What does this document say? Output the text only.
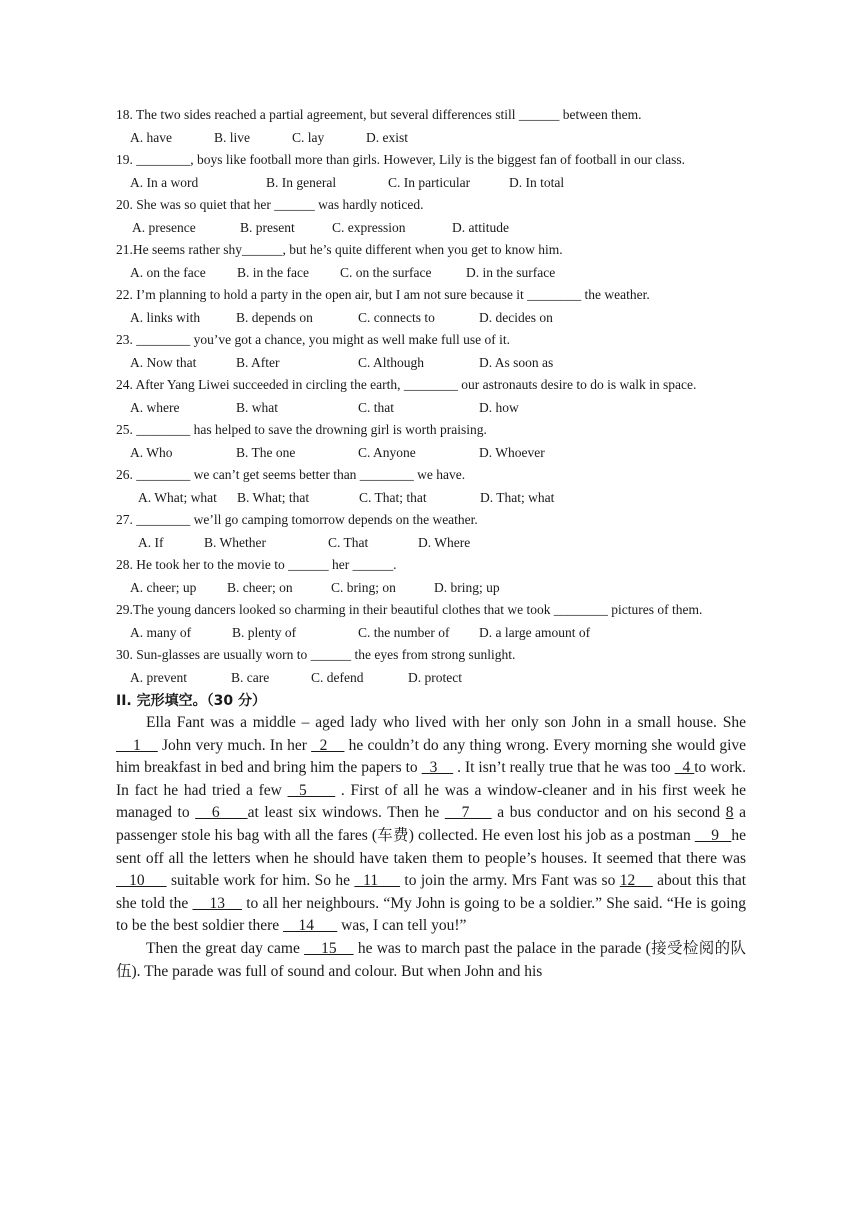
18. The two sides reached a partial agreement, but several differences still ______ between them.
A. have	B. live	C. lay	D. exist
19. ________, boys like football more than girls. However, Lily is the biggest fan of football in our class.
A. In a word	B. In general	C. In particular	D. In total
20. She was so quiet that her ______ was hardly noticed.
A. presence	B. present	C. expression	D. attitude
21.He seems rather shy______, but he’s quite different when you get to know him.
A. on the face	B. in the face	C. on the surface	D. in the surface
22. I’m planning to hold a party in the open air, but I am not sure because it ________ the weather.
A. links with	B. depends on	C. connects to	D. decides on
23. ________ you’ve got a chance, you might as well make full use of it.
A. Now that	B. After	C. Although	D. As soon as
24. After Yang Liwei succeeded in circling the earth, ________ our astronauts desire to do is walk in space.
A. where	B. what	C. that	D. how
25. ________ has helped to save the drowning girl is worth praising.
A. Who	B. The one	C. Anyone	D. Whoever
26. ________ we can’t get seems better than ________ we have.
A. What; what	B. What; that	C. That; that	D. That; what
27. ________ we’ll go camping tomorrow depends on the weather.
A. If	B. Whether	C. That	D. Where
28. He took her to the movie to ______ her ______.
A. cheer; up	B. cheer; on	C. bring; on	D. bring; up
29.The young dancers looked so charming in their beautiful clothes that we took ________ pictures of them.
A. many of	B. plenty of	C. the number of	D. a large amount of
30. Sun-glasses are usually worn to ______ the eyes from strong sunlight.
A. prevent	B. care	C. defend	D. protect
II. 完形填空。（30 分）

Ella Fant was a middle – aged lady who lived with her only son John in a small house. She     1     John very much. In her   2     he couldn’t do any thing wrong. Every morning she would give him breakfast in bed and bring him the papers to   3     . It isn’t really true that he was too   4 to work. In fact he had tried a few   5      . First of all he was a window-cleaner and in his first week he managed to    6     at least six windows. Then he    7     a bus conductor and on his second 8 a passenger stole his bag with all the fares (车费) collected. He even lost his job as a postman     9   he sent off all the letters when he should have taken them to people’s houses. It seemed that there was    10      suitable work for him. So he   11      to join the army. Mrs Fant was so 12     about this that she told the     13     to all her neighbours. “My John is going to be a soldier.” She said. “He is going to be the best soldier there     14       was, I can tell you!”

Then the great day came     15     he was to march past the palace in the parade (接受检阅的队伍). The parade was full of sound and colour. But when John and his
